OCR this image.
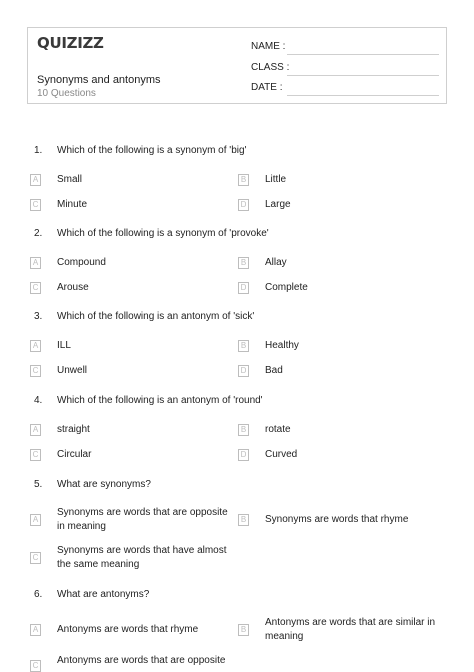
QUIZIZZ
Synonyms and antonyms
10 Questions
NAME :
CLASS :
DATE :
1.	Which of the following is a synonym of 'big'
A Small	B Little
C Minute	D Large
2.	Which of the following is a synonym of 'provoke'
A Compound	B Allay
C Arouse	D Complete
3.	Which of the following is an antonym of 'sick'
A ILL	B Healthy
C Unwell	D Bad
4.	Which of the following is an antonym of 'round'
A straight	B rotate
C Circular	D Curved
5.	What are synonyms?
A
Synonyms are words that are opposite in meaning
B Synonyms are words that rhyme
C
Synonyms are words that have almost the same meaning
6.	What are antonyms?
A Antonyms are words that rhyme	B
Antonyms are words that are similar in meaning
C Antonyms are words that are opposite
